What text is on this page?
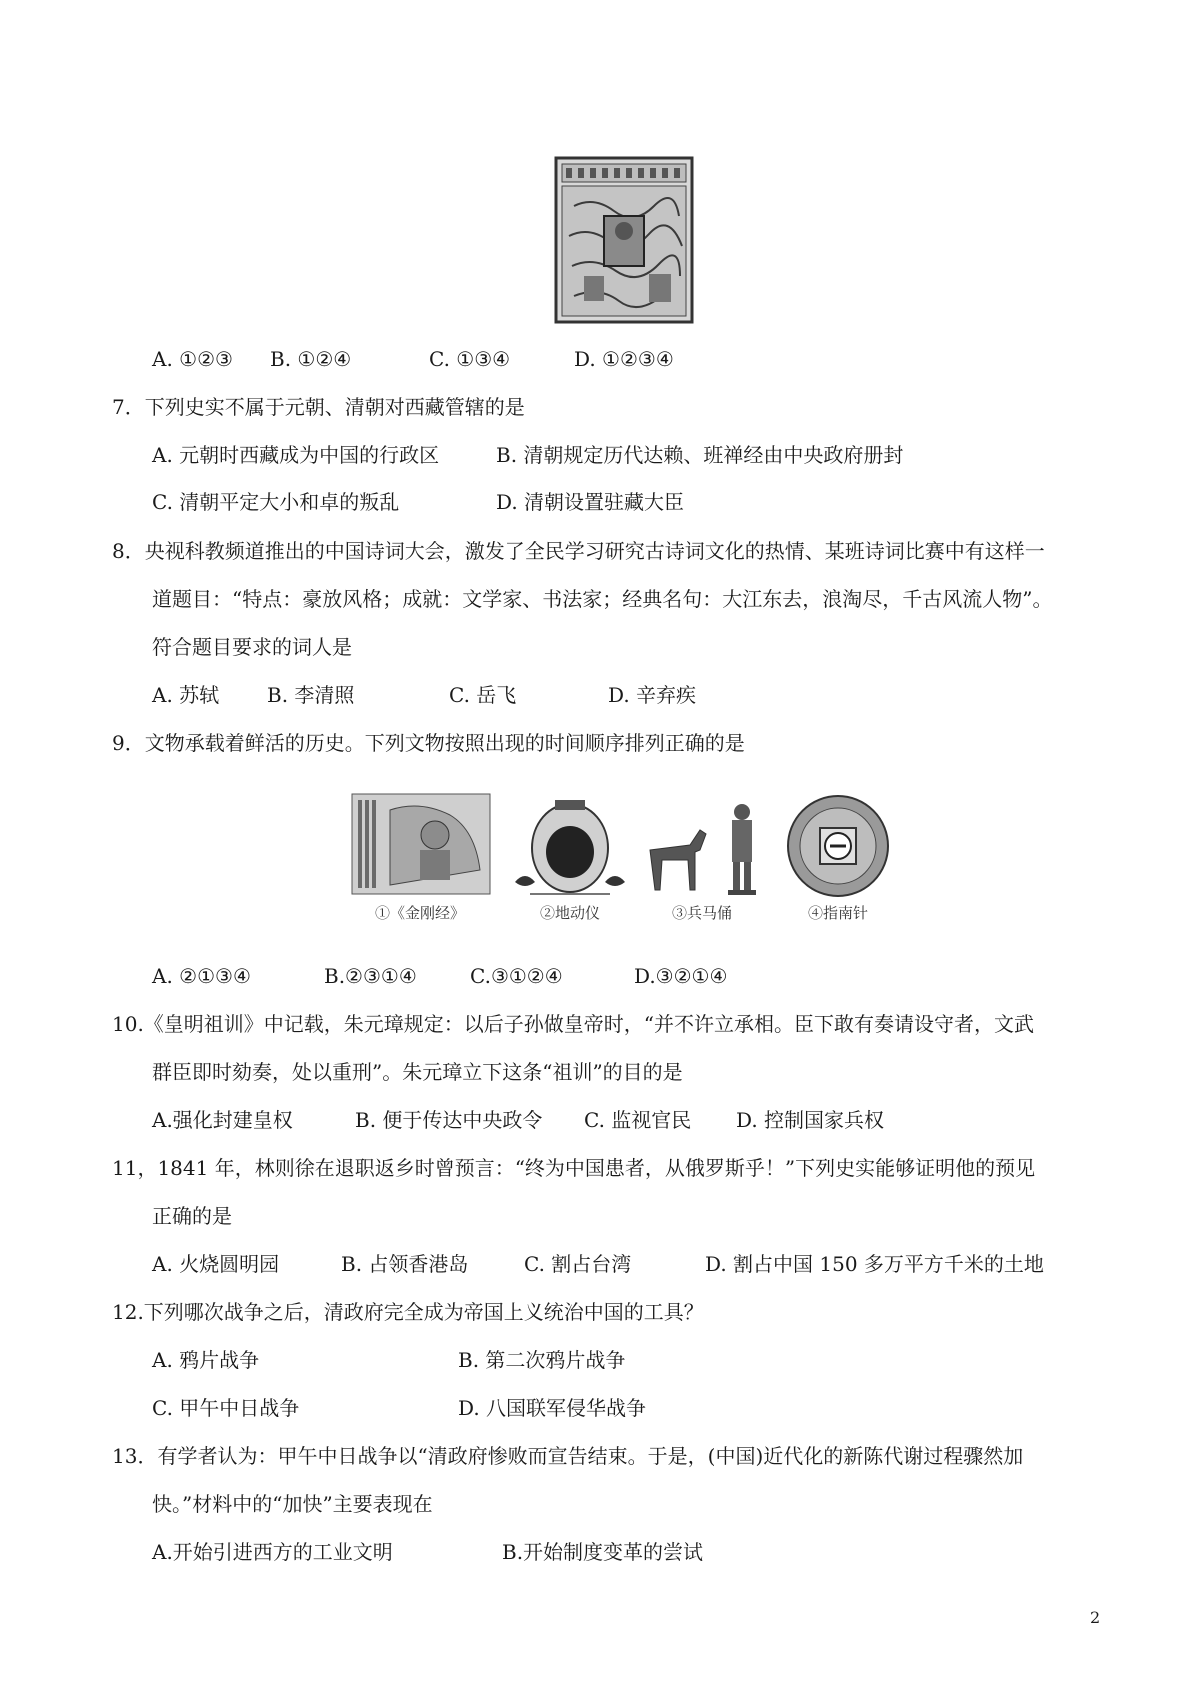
A. ①②③ B. ①②④	C. ①③④	D. ①②③④
7．下列史实不属于元朝、清朝对西藏管辖的是
A. 元朝时西藏成为中国的行政区	B. 清朝规定历代达赖、班禅经由中央政府册封
C. 清朝平定大小和卓的叛乱	D. 清朝设置驻藏大臣
8．央视科教频道推出的中国诗词大会，激发了全民学习研究古诗词文化的热情、某班诗词比赛中有这样一
道题目：“特点：豪放风格；成就：文学家、书法家；经典名句：大江东去，浪淘尽，千古风流人物”。
符合题目要求的词人是
A. 苏轼 B. 李清照	C. 岳飞	D. 辛弃疾
9．文物承载着鲜活的历史。下列文物按照出现的时间顺序排列正确的是
①《金刚经》	②地动仪	③兵马俑	④指南针
A. ②①③④	B.②③①④	C.③①②④	D.③②①④
10.《皇明祖训》中记载，朱元璋规定：以后子孙做皇帝时，“并不许立承相。臣下敢有奏请设守者，文武
群臣即时劾奏，处以重刑”。朱元璋立下这条“祖训”的目的是
A.强化封建皇权	B. 便于传达中央政令 C. 监视官民 D. 控制国家兵权
11，1841 年，林则徐在退职返乡时曾预言：“终为中国患者，从俄罗斯乎！”下列史实能够证明他的预见
正确的是
A. 火烧圆明园	B. 占领香港岛	C. 割占台湾	D. 割占中国 150 多万平方千米的土地
12.下列哪次战争之后，清政府完全成为帝国上义统治中国的工具？
A. 鸦片战争	B. 第二次鸦片战争
C. 甲午中日战争	D. 八国联军侵华战争
13．有学者认为：甲午中日战争以“清政府惨败而宣告结束。于是，(中国)近代化的新陈代谢过程骤然加
快。”材料中的“加快”主要表现在
A.开始引进西方的工业文明	B.开始制度变革的尝试
2
